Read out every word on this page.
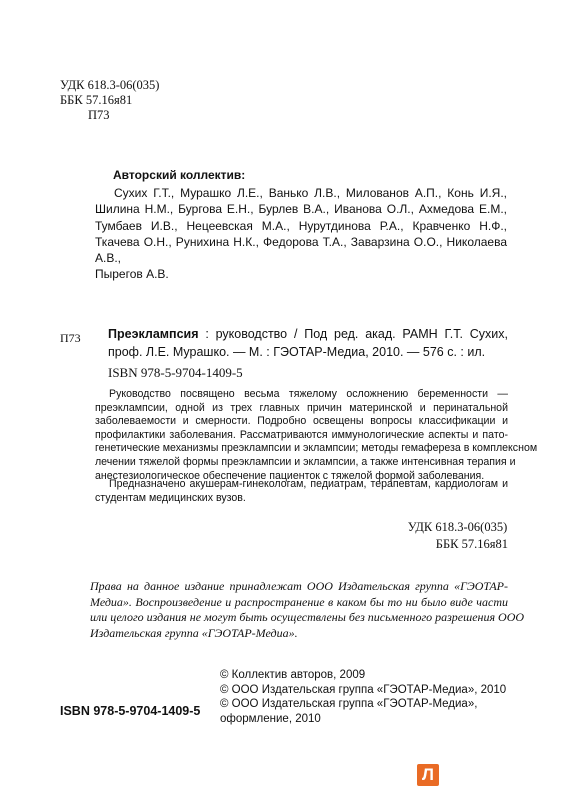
УДК 618.3-06(035)
ББК 57.16я81
П73
Авторский коллектив:
Сухих Г.Т., Мурашко Л.Е., Ванько Л.В., Милованов А.П., Конь И.Я.,
Шилина Н.М., Бургова Е.Н., Бурлев В.А., Иванова О.Л., Ахмедова Е.М.,
Тумбаев И.В., Нецеевская М.А., Нурутдинова Р.А., Кравченко Н.Ф.,
Ткачева О.Н., Рунихина Н.К., Федорова Т.А., Заварзина О.О., Николаева А.В.,
Пырегов А.В.
П73 Преэклампсия : руководство / Под ред. акад. РАМН Г.Т. Сухих,
проф. Л.Е. Мурашко. — М. : ГЭОТАР-Медиа, 2010. — 576 с. : ил.
ISBN 978-5-9704-1409-5
Руководство посвящено весьма тяжелому осложнению беременности —
преэклампсии, одной из трех главных причин материнской и перинатальной
заболеваемости и смерности. Подробно освещены вопросы классификации и
профилактики заболевания. Рассматриваются иммунологические аспекты и пато-
генетические механизмы преэклампсии и эклампсии; методы гемафереза в комплексном
лечении тяжелой формы преэклампсии и эклампсии, а также интенсивная терапия и
анестезиологическое обеспечение пациенток с тяжелой формой заболевания.
Предназначено акушерам-гинекологам, педиатрам, терапевтам, кардиологам и
студентам медицинских вузов.
УДК 618.3-06(035)
ББК 57.16я81
Права на данное издание принадлежат ООО Издательская группа «ГЭОТАР-
Медиа». Воспроизведение и распространение в каком бы то ни было виде части
или целого издания не могут быть осуществлены без письменного разрешения ООО
Издательская группа «ГЭОТАР-Медиа».
© Коллектив авторов, 2009
© ООО Издательская группа «ГЭОТАР-Медиа», 2010
© ООО Издательская группа «ГЭОТАР-Медиа»,
оформление, 2010
ISBN 978-5-9704-1409-5
Л
